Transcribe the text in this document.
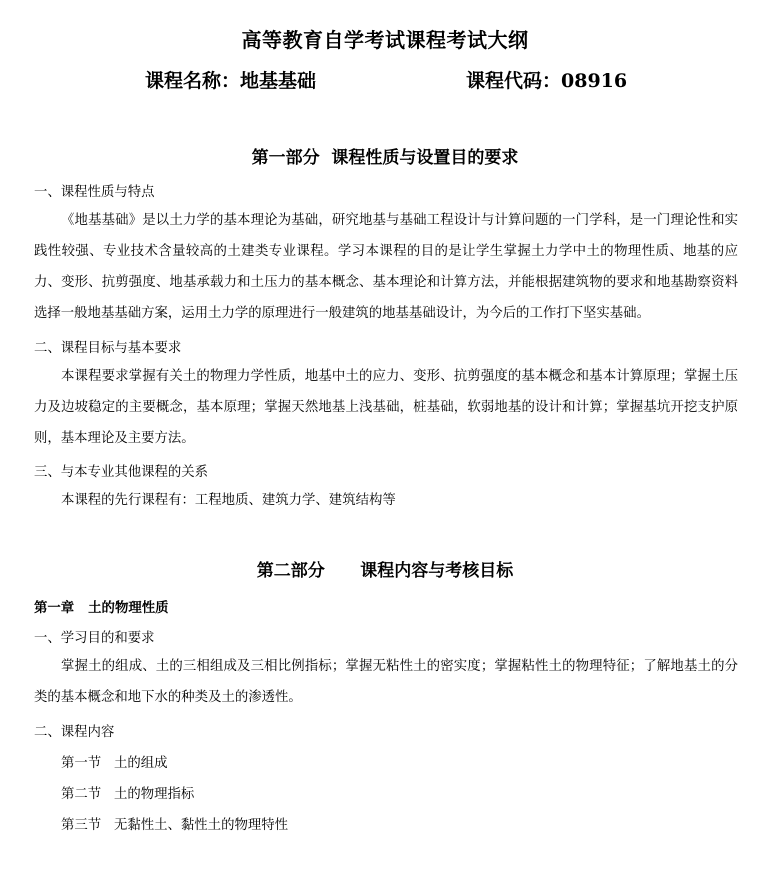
高等教育自学考试课程考试大纲
课程名称：地基基础	课程代码：08916
第一部分  课程性质与设置目的要求
一、课程性质与特点
《地基基础》是以土力学的基本理论为基础，研究地基与基础工程设计与计算问题的一门学科，是一门理论性和实践性较强、专业技术含量较高的土建类专业课程。学习本课程的目的是让学生掌握土力学中土的物理性质、地基的应力、变形、抗剪强度、地基承载力和土压力的基本概念、基本理论和计算方法，并能根据建筑物的要求和地基勘察资料选择一般地基基础方案，运用土力学的原理进行一般建筑的地基基础设计，为今后的工作打下坚实基础。
二、课程目标与基本要求
本课程要求掌握有关土的物理力学性质，地基中土的应力、变形、抗剪强度的基本概念和基本计算原理；掌握土压力及边坡稳定的主要概念，基本原理；掌握天然地基上浅基础，桩基础，软弱地基的设计和计算；掌握基坑开挖支护原则，基本理论及主要方法。
三、与本专业其他课程的关系
本课程的先行课程有：工程地质、建筑力学、建筑结构等
第二部分      课程内容与考核目标
第一章   土的物理性质
一、学习目的和要求
掌握土的组成、土的三相组成及三相比例指标；掌握无粘性土的密实度；掌握粘性土的物理特征；了解地基土的分类的基本概念和地下水的种类及土的渗透性。
二、课程内容
第一节   土的组成
第二节   土的物理指标
第三节   无黏性土、黏性土的物理特性
